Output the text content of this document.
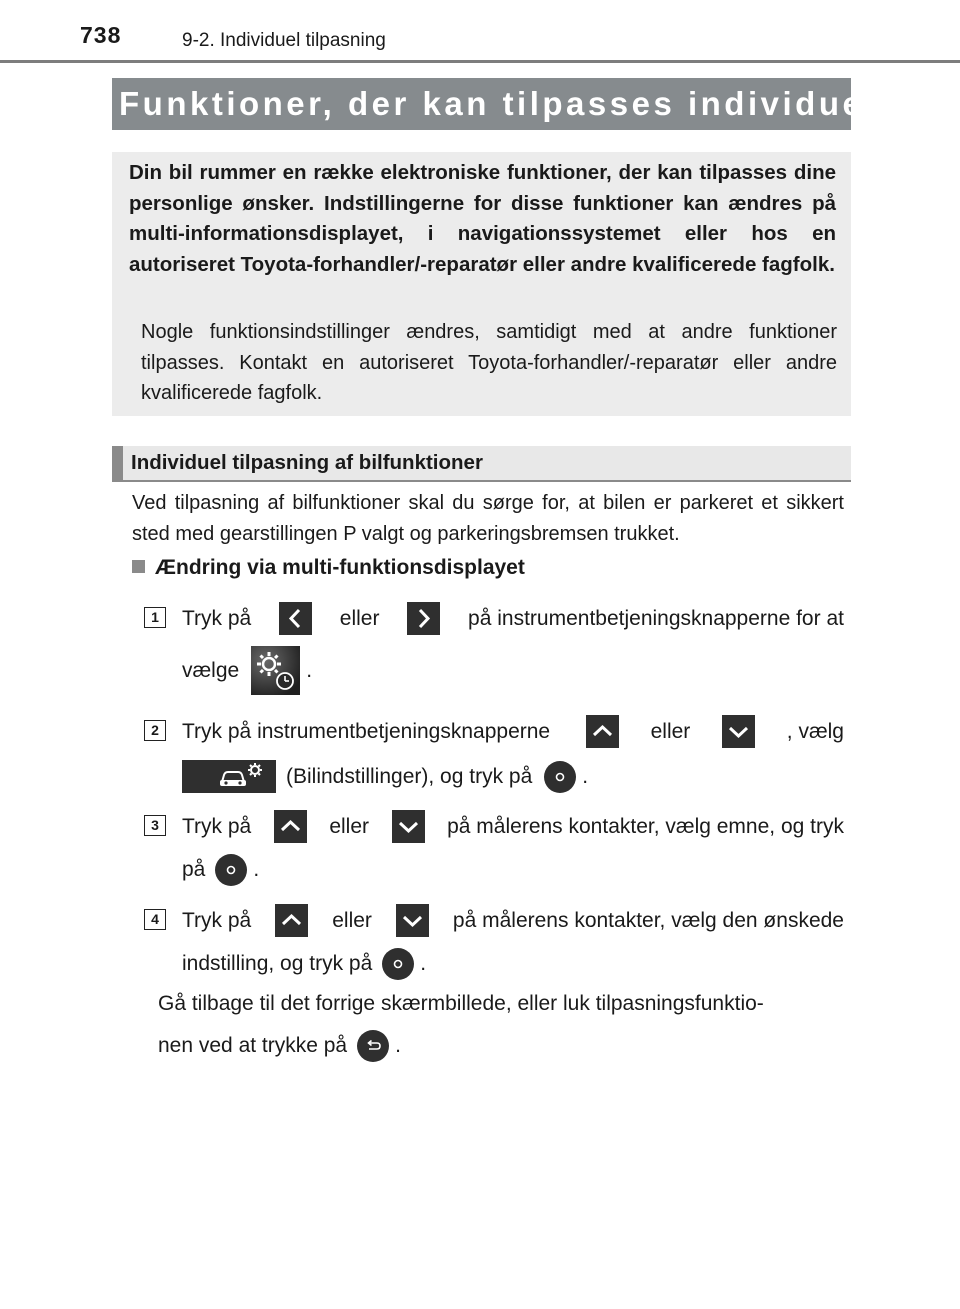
738	9-2. Individuel tilpasning
Funktioner, der kan tilpasses individuelt
Din bil rummer en række elektroniske funktioner, der kan tilpasses dine personlige ønsker. Indstillingerne for disse funktioner kan ændres på multi-informationsdisplayet, i navigationssystemet eller hos en autoriseret Toyota-forhandler/-reparatør eller andre kvalificerede fagfolk.
Nogle funktionsindstillinger ændres, samtidigt med at andre funktioner tilpasses. Kontakt en autoriseret Toyota-forhandler/-reparatør eller andre kvalificerede fagfolk.
Individuel tilpasning af bilfunktioner
Ved tilpasning af bilfunktioner skal du sørge for, at bilen er parkeret et sikkert sted med gearstillingen P valgt og parkeringsbremsen trukket.
Ændring via multi-funktionsdisplayet
1	Tryk på	eller	på instrumentbetjeningsknapperne for at
vælge	.
2	Tryk på instrumentbetjeningsknapperne	eller	, vælg
(Bilindstillinger), og tryk på .
3	Tryk på	eller	på målerens kontakter, vælg emne, og tryk
på .
4	Tryk på	eller	på målerens kontakter, vælg den ønskede
indstilling, og tryk på .
Gå tilbage til det forrige skærmbillede, eller luk tilpasningsfunktio-
nen ved at trykke på .
